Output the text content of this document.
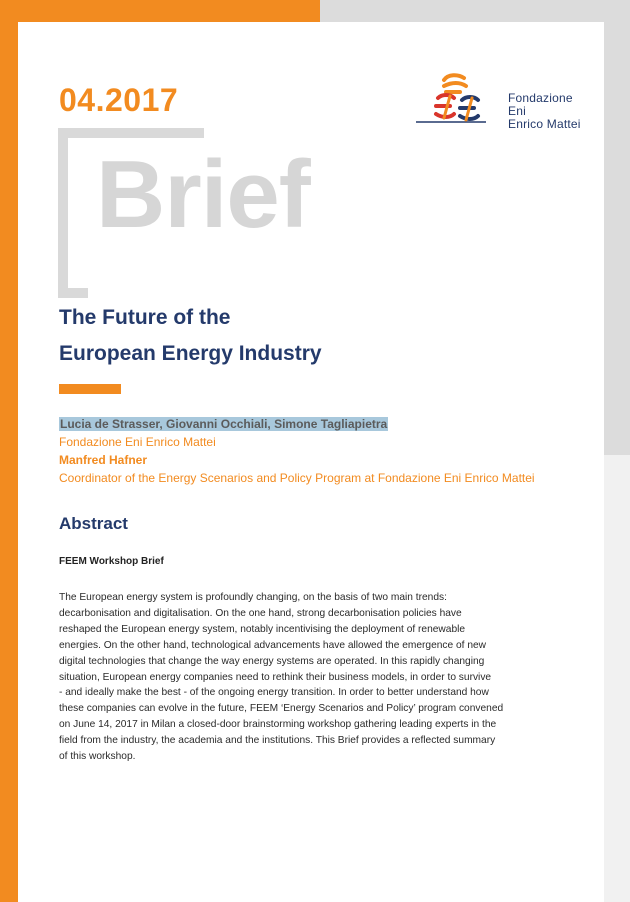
04.2017	Fondazione Eni
Enrico Mattei
Brief
The Future of the
European Energy Industry
Lucia de Strasser, Giovanni Occhiali, Simone Tagliapietra
Fondazione Eni Enrico Mattei
Manfred Hafner
Coordinator of the Energy Scenarios and Policy Program at Fondazione Eni Enrico Mattei
Abstract
FEEM Workshop Brief
The European energy system is profoundly changing, on the basis of two main trends:
decarbonisation and digitalisation. On the one hand, strong decarbonisation policies have
reshaped the European energy system, notably incentivising the deployment of renewable
energies. On the other hand, technological advancements have allowed the emergence of new
digital technologies that change the way energy systems are operated. In this rapidly changing
situation, European energy companies need to rethink their business models, in order to survive
- and ideally make the best - of the ongoing energy transition. In order to better understand how
these companies can evolve in the future, FEEM ‘Energy Scenarios and Policy’ program convened
on June 14, 2017 in Milan a closed-door brainstorming workshop gathering leading experts in the
field from the industry, the academia and the institutions. This Brief provides a reflected summary
of this workshop.
